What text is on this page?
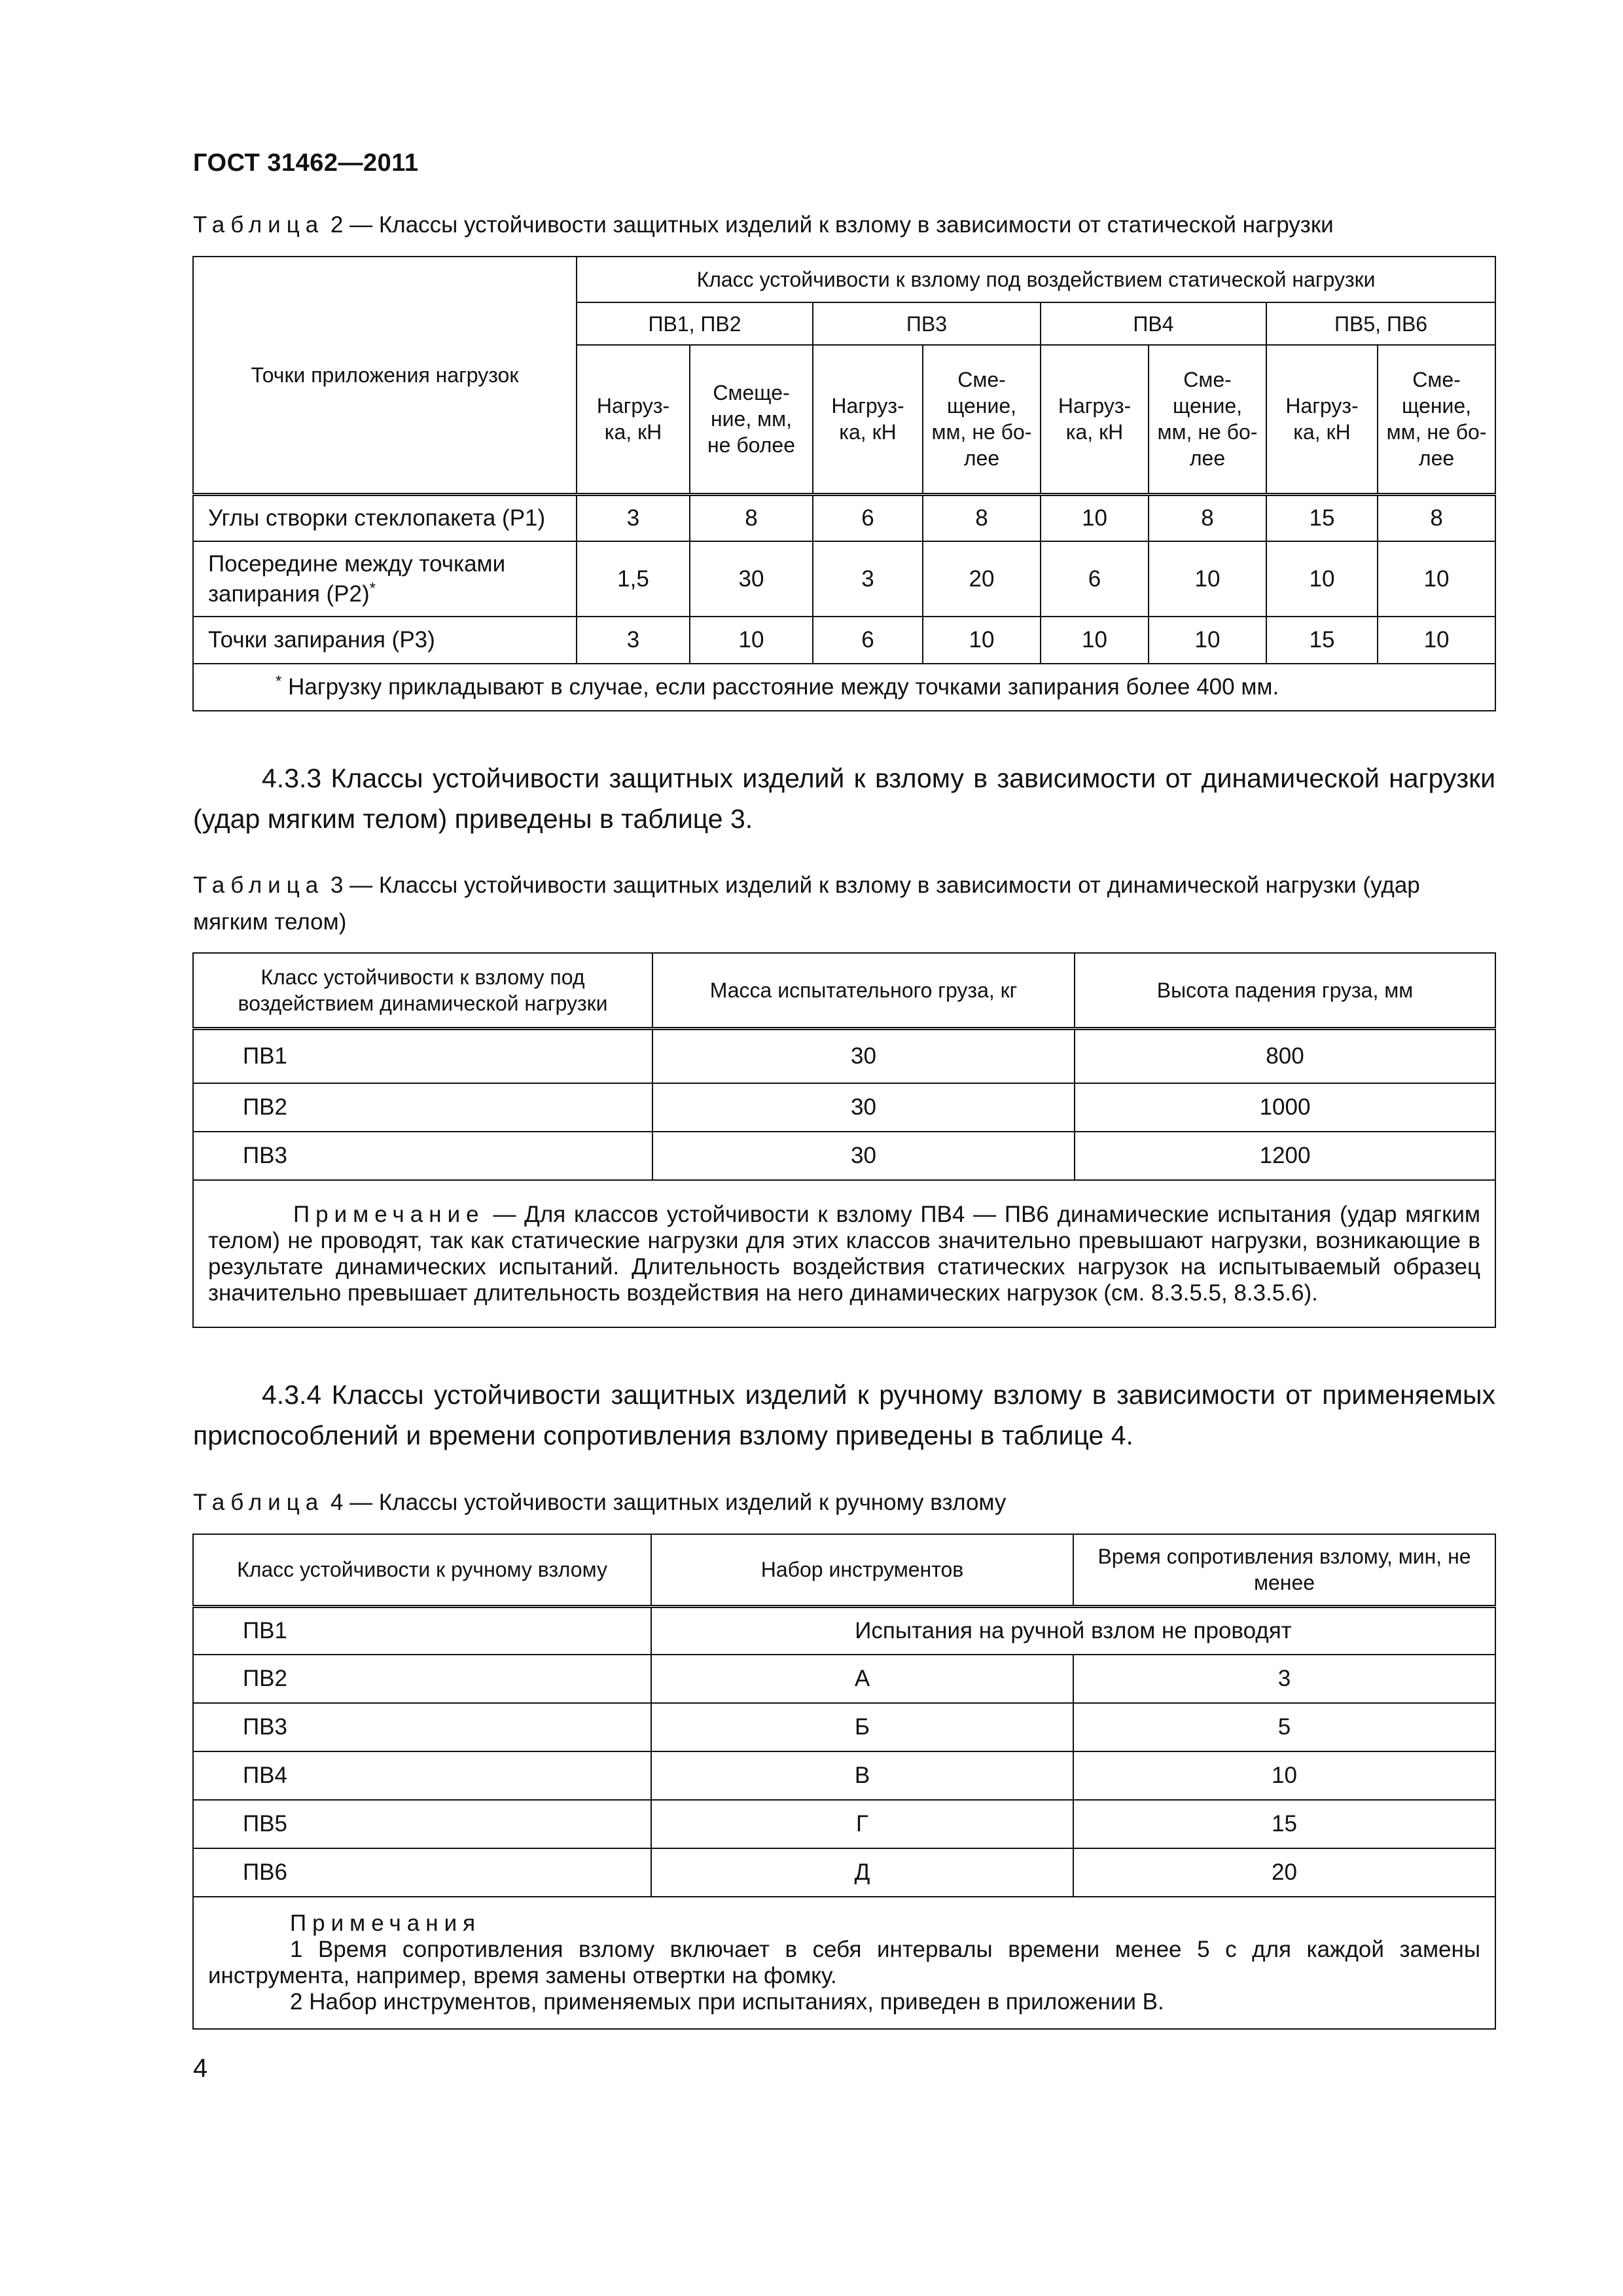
ГОСТ 31462—2011
Таблица 2 — Классы устойчивости защитных изделий к взлому в зависимости от статической нагрузки
Точки приложения нагрузок	Класс устойчивости к взлому под воздействием статической нагрузки							
	ПВ1, ПВ2		ПВ3		ПВ4		ПВ5, ПВ6	
	Нагруз-ка, кН	Смеще-ние, мм, не более	Нагруз-ка, кН	Сме-щение, мм, не бо-лее	Нагруз-ка, кН	Сме-щение, мм, не бо-лее	Нагруз-ка, кН	Сме-щение, мм, не бо-лее
Углы створки стеклопакета (Р1)	3	8	6	8	10	8	15	8
Посередине между точками запирания (Р2)*	1,5	30	3	20	6	10	10	10
Точки запирания (Р3)	3	10	6	10	10	10	15	10
* Нагрузку прикладывают в случае, если расстояние между точками запирания более 400 мм.								
4.3.3 Классы устойчивости защитных изделий к взлому в зависимости от динамической нагрузки (удар мягким телом) приведены в таблице 3.
Таблица 3 — Классы устойчивости защитных изделий к взлому в зависимости от динамической нагрузки (удар мягким телом)
Класс устойчивости к взлому под воздействием динамической нагрузки	Масса испытательного груза, кг	Высота падения груза, мм
ПВ1	30	800
ПВ2	30	1000
ПВ3	30	1200
Примечание — Для классов устойчивости к взлому ПВ4 — ПВ6 динамические испытания (удар мягким телом) не проводят, так как статические нагрузки для этих классов значительно превышают нагрузки, возникающие в результате динамических испытаний. Длительность воздействия статических нагрузок на испытываемый образец значительно превышает длительность воздействия на него динамических нагрузок (см. 8.3.5.5, 8.3.5.6).		
4.3.4 Классы устойчивости защитных изделий к ручному взлому в зависимости от применяемых приспособлений и времени сопротивления взлому приведены в таблице 4.
Таблица 4 — Классы устойчивости защитных изделий к ручному взлому
Класс устойчивости к ручному взлому	Набор инструментов	Время сопротивления взлому, мин, не менее
ПВ1	Испытания на ручной взлом не проводят	
ПВ2	А	3
ПВ3	Б	5
ПВ4	В	10
ПВ5	Г	15
ПВ6	Д	20

Примечания
1 Время сопротивления взлому включает в себя интервалы времени менее 5 с для каждой замены инструмента, например, время замены отвертки на фомку.
2 Набор инструментов, применяемых при испытаниях, приведен в приложении В.		
4
